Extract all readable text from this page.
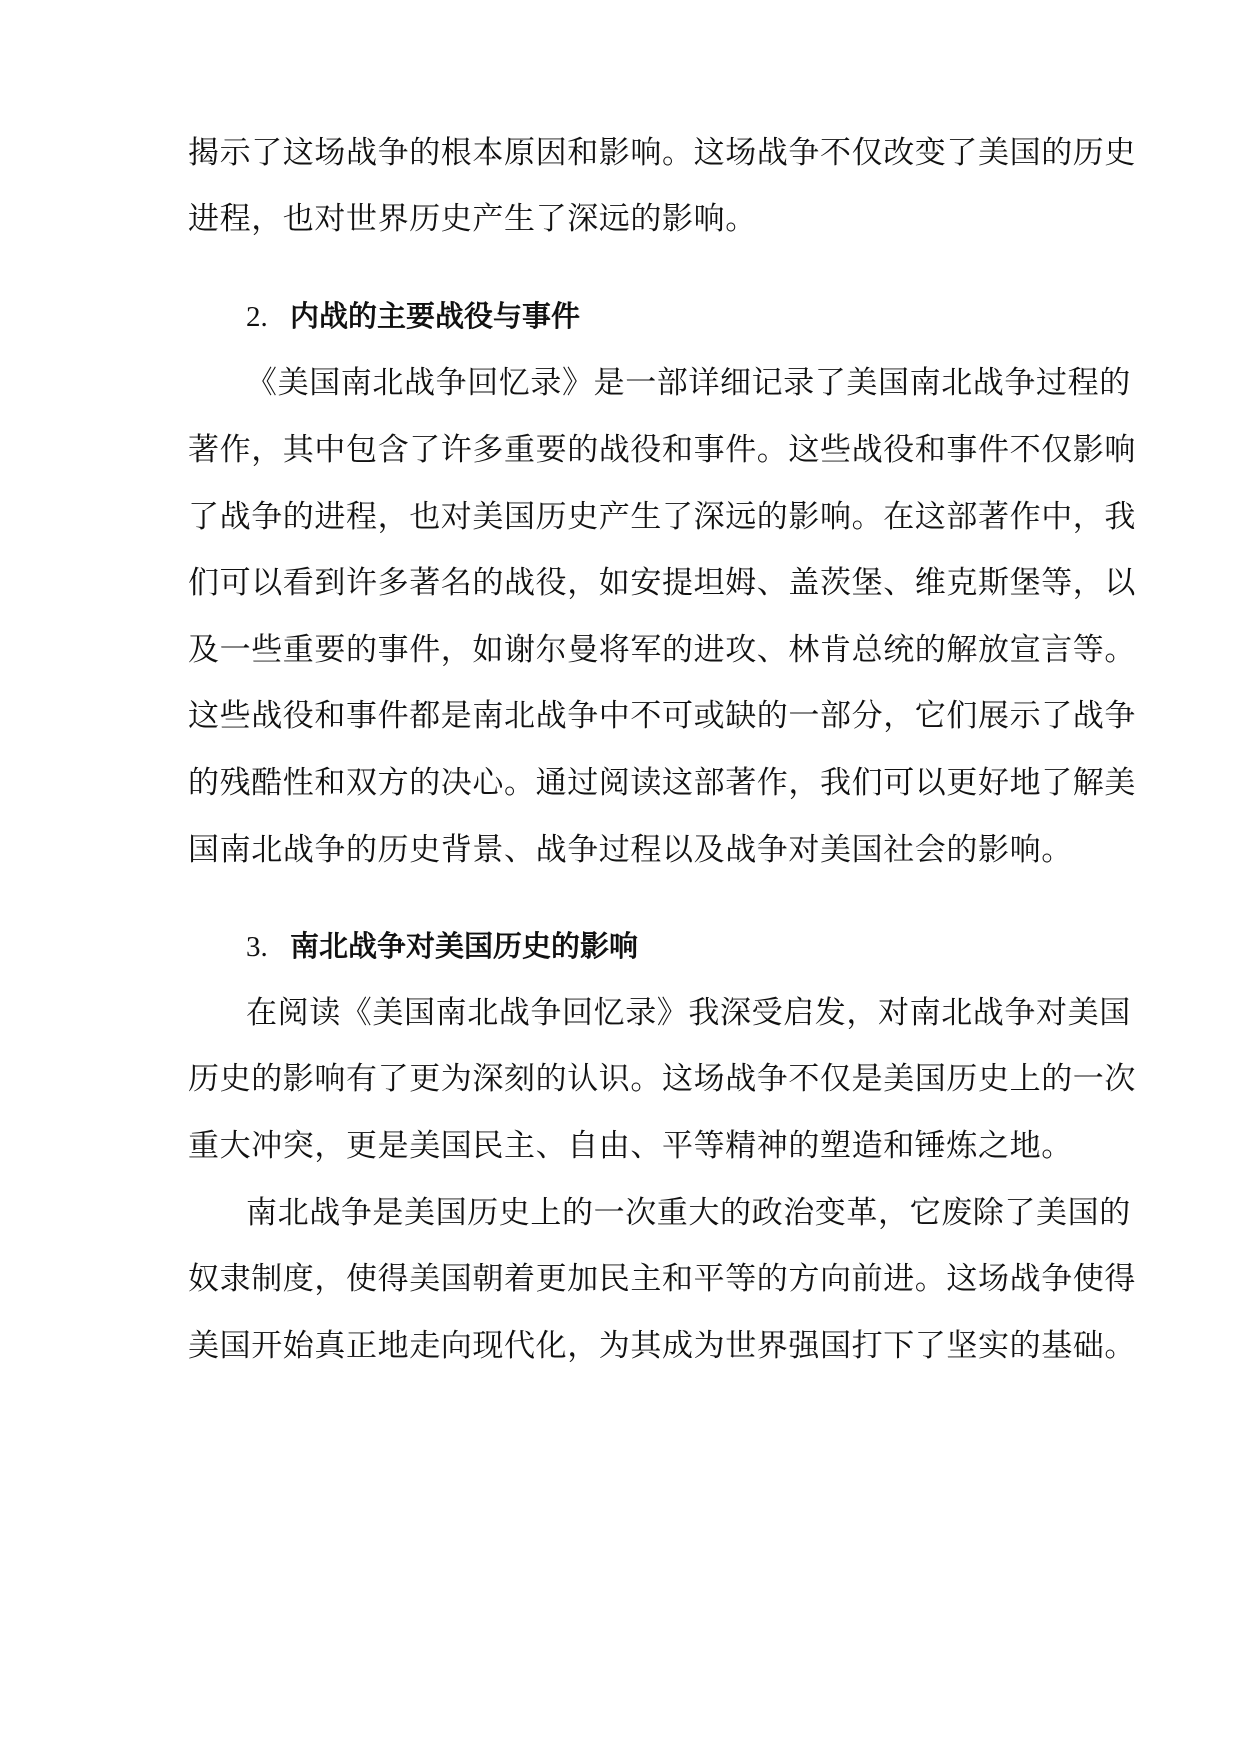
揭示了这场战争的根本原因和影响。这场战争不仅改变了美国的历史
进程，也对世界历史产生了深远的影响。
2. 内战的主要战役与事件
《美国南北战争回忆录》是一部详细记录了美国南北战争过程的
著作，其中包含了许多重要的战役和事件。这些战役和事件不仅影响
了战争的进程，也对美国历史产生了深远的影响。在这部著作中，我
们可以看到许多著名的战役，如安提坦姆、盖茨堡、维克斯堡等，以
及一些重要的事件，如谢尔曼将军的进攻、林肯总统的解放宣言等。
这些战役和事件都是南北战争中不可或缺的一部分，它们展示了战争
的残酷性和双方的决心。通过阅读这部著作，我们可以更好地了解美
国南北战争的历史背景、战争过程以及战争对美国社会的影响。
3. 南北战争对美国历史的影响
在阅读《美国南北战争回忆录》我深受启发，对南北战争对美国
历史的影响有了更为深刻的认识。这场战争不仅是美国历史上的一次
重大冲突，更是美国民主、自由、平等精神的塑造和锤炼之地。
南北战争是美国历史上的一次重大的政治变革，它废除了美国的
奴隶制度，使得美国朝着更加民主和平等的方向前进。这场战争使得
美国开始真正地走向现代化，为其成为世界强国打下了坚实的基础。
